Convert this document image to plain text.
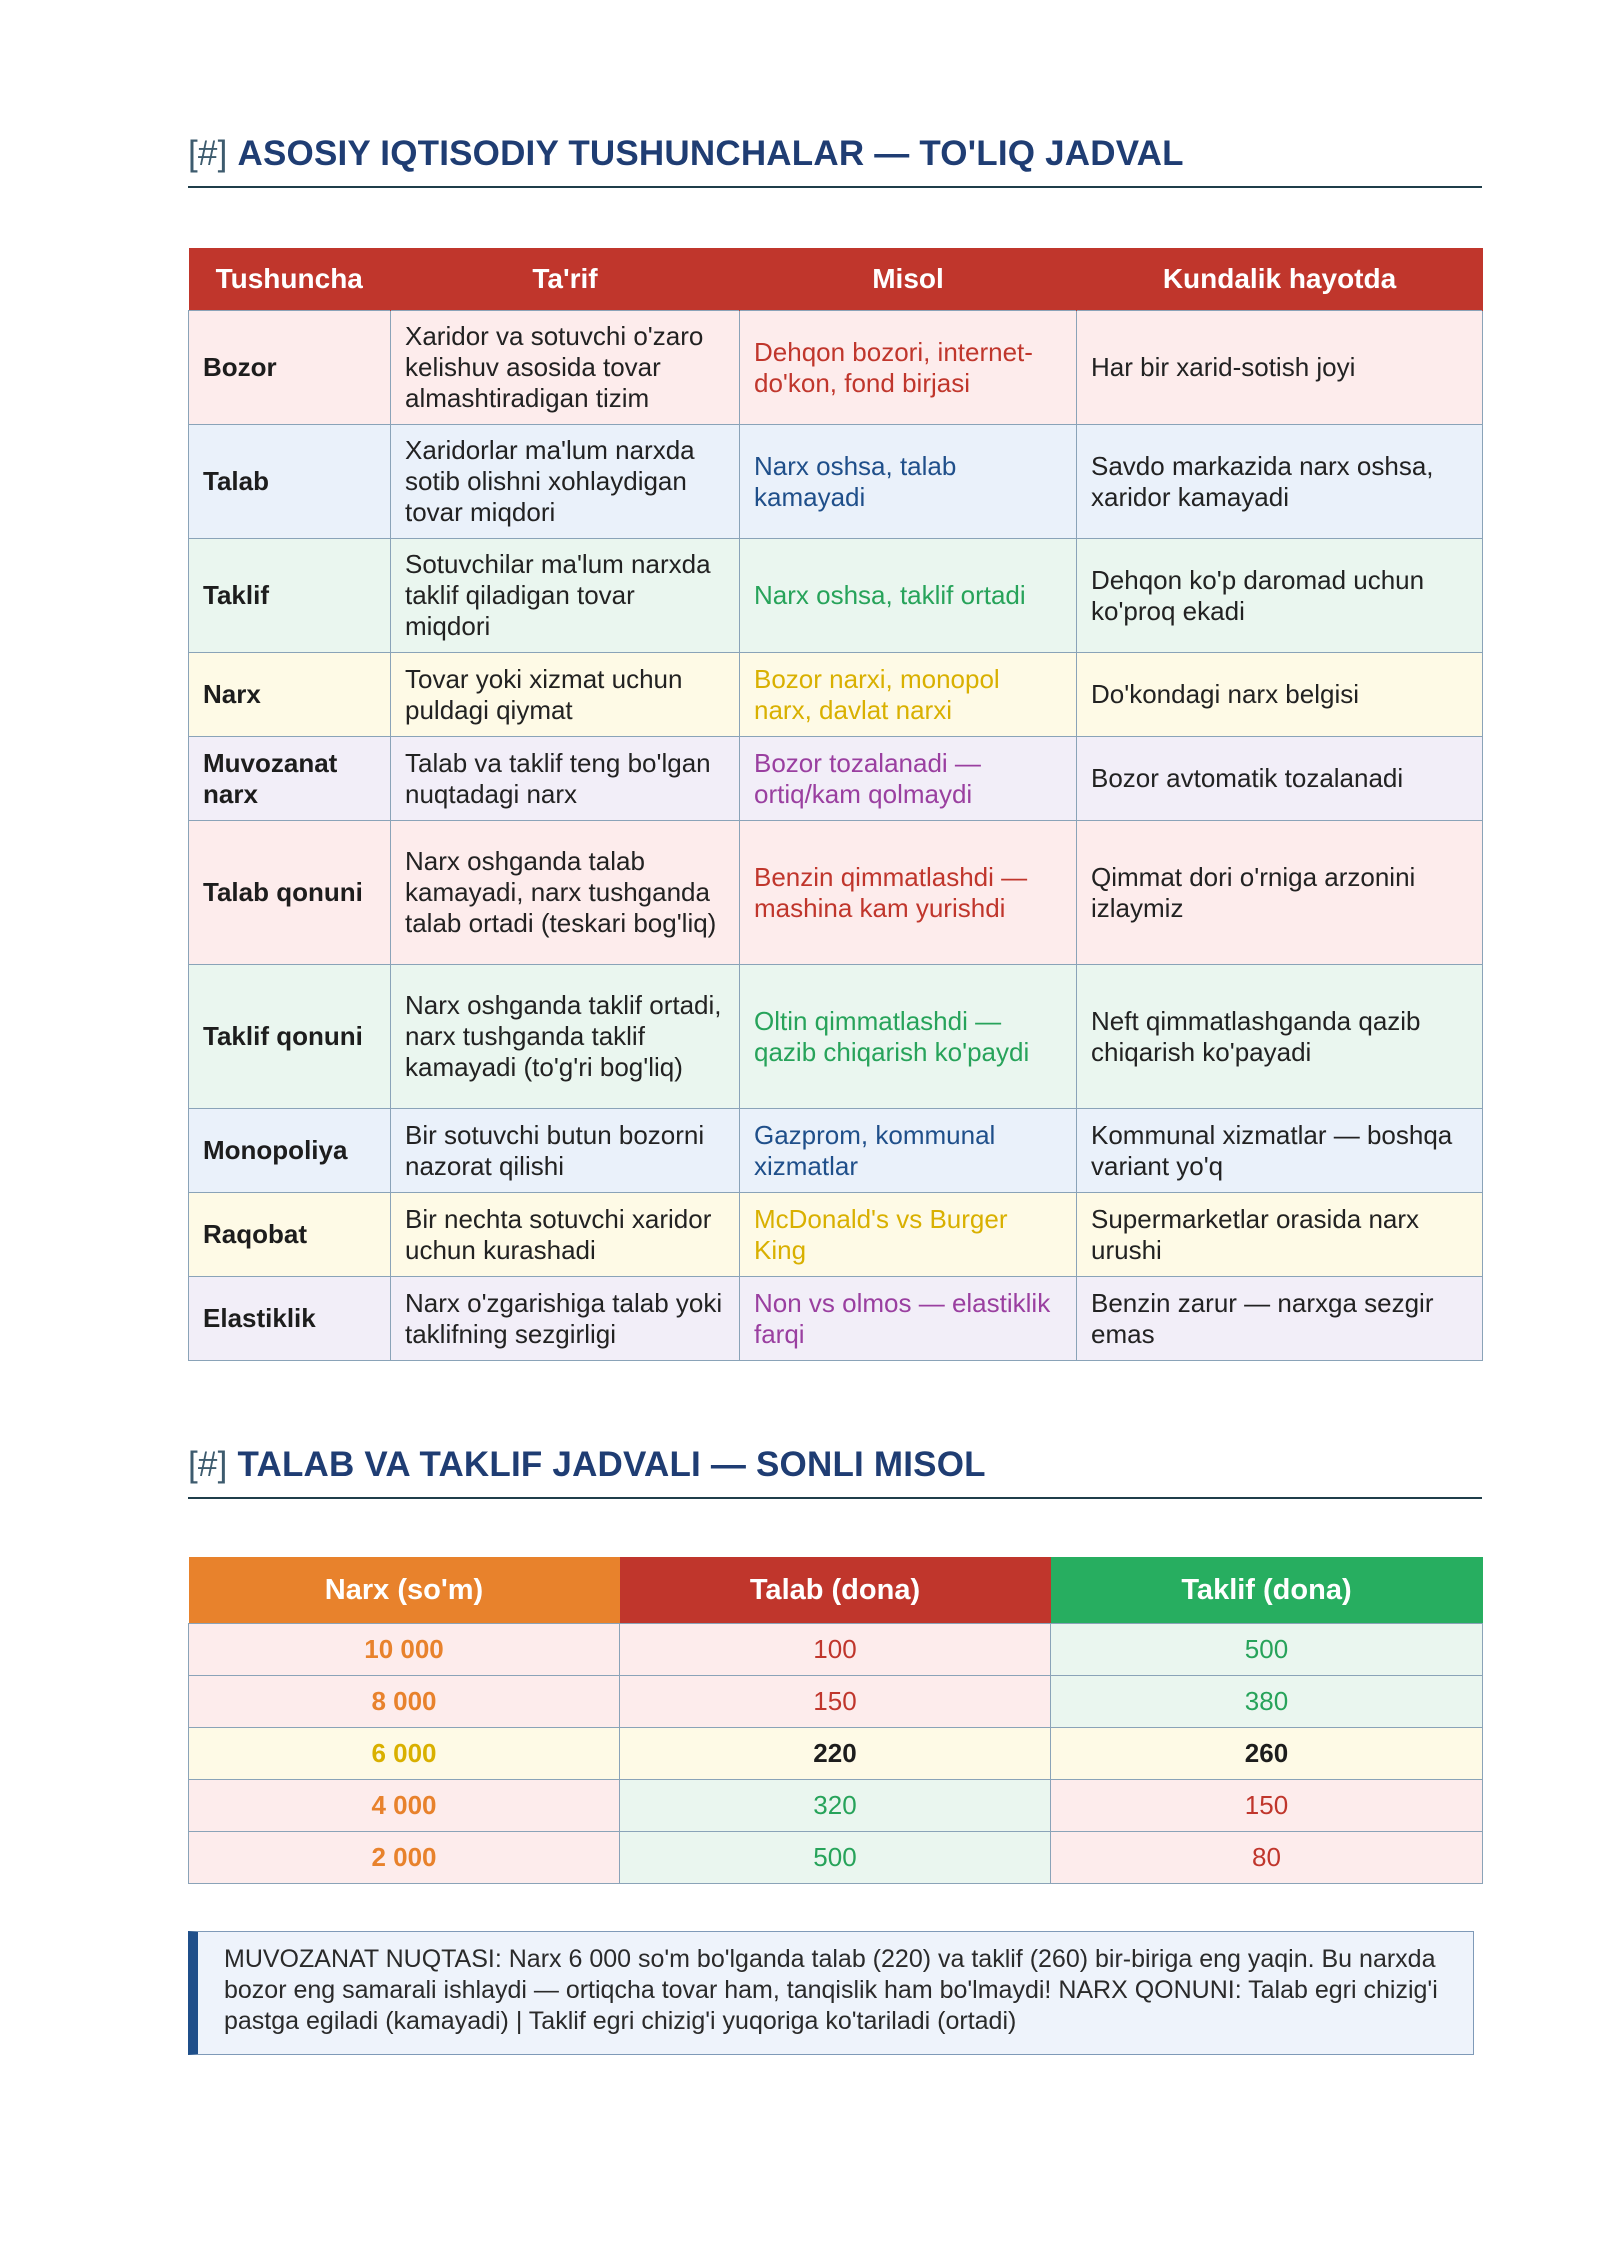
[#] ASOSIY IQTISODIY TUSHUNCHALAR — TO'LIQ JADVAL
Tushuncha	Ta'rif	Misol	Kundalik hayotda
Bozor	Xaridor va sotuvchi o'zaro kelishuv asosida tovar almashtiradigan tizim	Dehqon bozori, internet-do'kon, fond birjasi	Har bir xarid-sotish joyi
Talab	Xaridorlar ma'lum narxda sotib olishni xohlaydigan tovar miqdori	Narx oshsa, talab kamayadi	Savdo markazida narx oshsa, xaridor kamayadi
Taklif	Sotuvchilar ma'lum narxda taklif qiladigan tovar miqdori	Narx oshsa, taklif ortadi	Dehqon ko'p daromad uchun ko'proq ekadi
Narx	Tovar yoki xizmat uchun puldagi qiymat	Bozor narxi, monopol narx, davlat narxi	Do'kondagi narx belgisi
Muvozanat narx	Talab va taklif teng bo'lgan nuqtadagi narx	Bozor tozalanadi — ortiq/kam qolmaydi	Bozor avtomatik tozalanadi
Talab qonuni	Narx oshganda talab kamayadi, narx tushganda talab ortadi (teskari bog'liq)	Benzin qimmatlashdi — mashina kam yurishdi	Qimmat dori o'rniga arzonini izlaymiz
Taklif qonuni	Narx oshganda taklif ortadi, narx tushganda taklif kamayadi (to'g'ri bog'liq)	Oltin qimmatlashdi — qazib chiqarish ko'paydi	Neft qimmatlashganda qazib chiqarish ko'payadi
Monopoliya	Bir sotuvchi butun bozorni nazorat qilishi	Gazprom, kommunal xizmatlar	Kommunal xizmatlar — boshqa variant yo'q
Raqobat	Bir nechta sotuvchi xaridor uchun kurashadi	McDonald's vs Burger King	Supermarketlar orasida narx urushi
Elastiklik	Narx o'zgarishiga talab yoki taklifning sezgirligi	Non vs olmos — elastiklik farqi	Benzin zarur — narxga sezgir emas
[#] TALAB VA TAKLIF JADVALI — SONLI MISOL
Narx (so'm)	Talab (dona)	Taklif (dona)
10 000	100	500
8 000	150	380
6 000	220	260
4 000	320	150
2 000	500	80
MUVOZANAT NUQTASI: Narx 6 000 so'm bo'lganda talab (220) va taklif (260) bir-biriga eng yaqin. Bu narxda bozor eng samarali ishlaydi — ortiqcha tovar ham, tanqislik ham bo'lmaydi! NARX QONUNI: Talab egri chizig'i pastga egiladi (kamayadi) | Taklif egri chizig'i yuqoriga ko'tariladi (ortadi)
